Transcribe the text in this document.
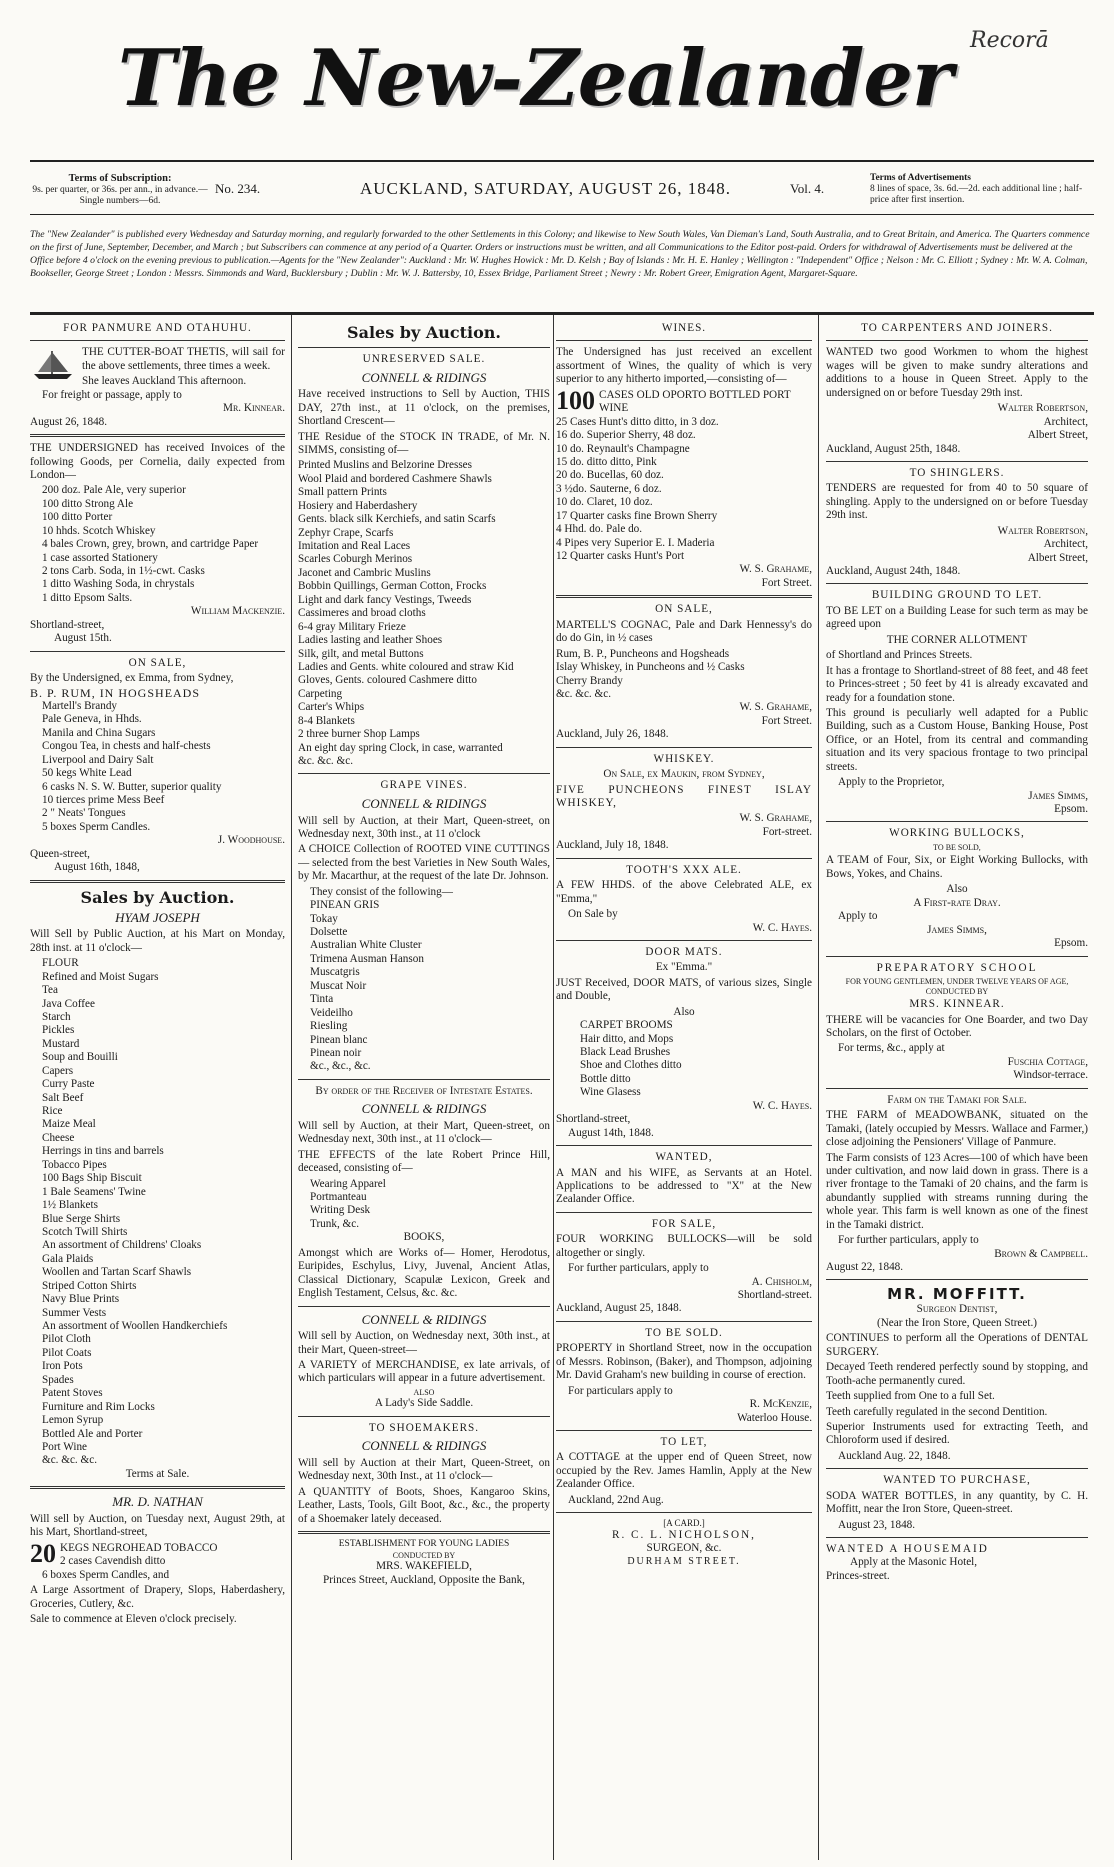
The New-Zealander Recorā
Terms of Subscription:
9s. per quarter, or 36s. per ann., in advance.—Single numbers—6d.
No. 234.	AUCKLAND, SATURDAY, AUGUST 26, 1848.	Vol. 4.
Terms of Advertisements
8 lines of space, 3s. 6d.—2d. each additional line ; half-price after first insertion.
The "New Zealander" is published every Wednesday and Saturday morning, and regularly forwarded to the other Settlements in this Colony; and likewise to New South Wales, Van Dieman's Land, South Australia, and to Great Britain, and America. The Quarters commence on the first of June, September, December, and March ; but Subscribers can commence at any period of a Quarter. Orders or instructions must be written, and all Communications to the Editor post-paid. Orders for withdrawal of Advertisements must be delivered at the Office before 4 o'clock on the evening previous to publication.—Agents for the "New Zealander": Auckland : Mr. W. Hughes Howick : Mr. D. Kelsh ; Bay of Islands : Mr. H. E. Hanley ; Wellington : "Independent" Office ; Nelson : Mr. C. Elliott ; Sydney : Mr. W. A. Colman, Bookseller, George Street ; London : Messrs. Simmonds and Ward, Bucklersbury ; Dublin : Mr. W. J. Battersby, 10, Essex Bridge, Parliament Street ; Newry : Mr. Robert Greer, Emigration Agent, Margaret-Square.
FOR PANMURE AND OTAHUHU.
THE CUTTER-BOAT THETIS, will sail for the above settlements, three times a week.
She leaves Auckland This afternoon.
For freight or passage, apply to
Mr. Kinnear.
August 26, 1848.
THE UNDERSIGNED has received Invoices of the following Goods, per Cornelia, daily expected from London—
200 doz. Pale Ale, very superior
100 ditto Strong Ale
100 ditto Porter
10 hhds. Scotch Whiskey
4 bales Crown, grey, brown, and cartridge Paper
1 case assorted Stationery
2 tons Carb. Soda, in 1½-cwt. Casks
1 ditto Washing Soda, in chrystals
1 ditto Epsom Salts.
William Mackenzie.
Shortland-street,
August 15th.
ON SALE,
By the Undersigned, ex Emma, from Sydney,
B. P. RUM, IN HOGSHEADS
Martell's Brandy
Pale Geneva, in Hhds.
Manila and China Sugars
Congou Tea, in chests and half-chests
Liverpool and Dairy Salt
50 kegs White Lead
6 casks N. S. W. Butter, superior quality
10 tierces prime Mess Beef
2 " Neats' Tongues
5 boxes Sperm Candles.
J. Woodhouse.
Queen-street,
August 16th, 1848,
Sales by Auction.
HYAM JOSEPH
Will Sell by Public Auction, at his Mart on Monday, 28th inst. at 11 o'clock—
FLOUR
Refined and Moist Sugars
Tea
Java Coffee
Starch
Pickles
Mustard
Soup and Bouilli
Capers
Curry Paste
Salt Beef
Rice
Maize Meal
Cheese
Herrings in tins and barrels
Tobacco Pipes
100 Bags Ship Biscuit
1 Bale Seamens' Twine
1½ Blankets
Blue Serge Shirts
Scotch Twill Shirts
An assortment of Childrens' Cloaks
Gala Plaids
Woollen and Tartan Scarf Shawls
Striped Cotton Shirts
Navy Blue Prints
Summer Vests
An assortment of Woollen Handkerchiefs
Pilot Cloth
Pilot Coats
Iron Pots
Spades
Patent Stoves
Furniture and Rim Locks
Lemon Syrup
Bottled Ale and Porter
Port Wine
&c. &c. &c.
Terms at Sale.
MR. D. NATHAN
Will sell by Auction, on Tuesday next, August 29th, at his Mart, Shortland-street,
20 KEGS NEGROHEAD TOBACCO
2 cases Cavendish ditto
6 boxes Sperm Candles, and
A Large Assortment of Drapery, Slops, Haberdashery, Groceries, Cutlery, &c.
Sale to commence at Eleven o'clock precisely.
Sales by Auction.
UNRESERVED SALE.
CONNELL & RIDINGS
Have received instructions to Sell by Auction, THIS DAY, 27th inst., at 11 o'clock, on the premises, Shortland Crescent—
THE Residue of the STOCK IN TRADE, of Mr. N. SIMMS, consisting of—
Printed Muslins and Belzorine Dresses
Wool Plaid and bordered Cashmere Shawls
Small pattern Prints
Hosiery and Haberdashery
Gents. black silk Kerchiefs, and satin Scarfs
Zephyr Crape, Scarfs
Imitation and Real Laces
Scarles Coburgh Merinos
Jaconet and Cambric Muslins
Bobbin Quillings, German Cotton, Frocks
Light and dark fancy Vestings, Tweeds
Cassimeres and broad cloths
6-4 gray Military Frieze
Ladies lasting and leather Shoes
Silk, gilt, and metal Buttons
Ladies and Gents. white coloured and straw Kid Gloves, Gents. coloured Cashmere ditto
Carpeting
Carter's Whips
8-4 Blankets
2 three burner Shop Lamps
An eight day spring Clock, in case, warranted
&c. &c. &c.
GRAPE VINES.
CONNELL & RIDINGS
Will sell by Auction, at their Mart, Queen-street, on Wednesday next, 30th inst., at 11 o'clock
A CHOICE Collection of ROOTED VINE CUTTINGS — selected from the best Varieties in New South Wales, by Mr. Macarthur, at the request of the late Dr. Johnson.
They consist of the following—
PINEAN GRIS
Tokay
Dolsette
Australian White Cluster
Trimena Ausman Hanson
Muscatgris
Muscat Noir
Tinta
Veideilho
Riesling
Pinean blanc
Pinean noir
&c., &c., &c.
By order of the Receiver of Intestate Estates.
CONNELL & RIDINGS
Will sell by Auction, at their Mart, Queen-street, on Wednesday next, 30th inst., at 11 o'clock—
THE EFFECTS of the late Robert Prince Hill, deceased, consisting of—
Wearing Apparel
Portmanteau
Writing Desk
Trunk, &c.
BOOKS,
Amongst which are Works of— Homer, Herodotus, Euripides, Eschylus, Livy, Juvenal, Ancient Atlas, Classical Dictionary, Scapulæ Lexicon, Greek and English Testament, Celsus, &c. &c.
CONNELL & RIDINGS
Will sell by Auction, on Wednesday next, 30th inst., at their Mart, Queen-street—
A VARIETY of MERCHANDISE, ex late arrivals, of which particulars will appear in a future advertisement.
ALSO
A Lady's Side Saddle.
TO SHOEMAKERS.
CONNELL & RIDINGS
Will sell by Auction at their Mart, Queen-Street, on Wednesday next, 30th Inst., at 11 o'clock—
A QUANTITY of Boots, Shoes, Kangaroo Skins, Leather, Lasts, Tools, Gilt Boot, &c., &c., the property of a Shoemaker lately deceased.
ESTABLISHMENT FOR YOUNG LADIES
CONDUCTED BY
MRS. WAKEFIELD,
Princes Street, Auckland, Opposite the Bank,
WINES.
The Undersigned has just received an excellent assortment of Wines, the quality of which is very superior to any hitherto imported,—consisting of—
100 CASES OLD OPORTO BOTTLED PORT WINE
25 Cases Hunt's ditto ditto, in 3 doz.
16 do. Superior Sherry, 48 doz.
10 do. Reynault's Champagne
15 do. ditto ditto, Pink
20 do. Bucellas, 60 doz.
3 ½do. Sauterne, 6 doz.
10 do. Claret, 10 doz.
17 Quarter casks fine Brown Sherry
4 Hhd. do. Pale do.
4 Pipes very Superior E. I. Maderia
12 Quarter casks Hunt's Port
W. S. Grahame,
Fort Street.
ON SALE,
MARTELL'S COGNAC, Pale and Dark Hennessy's do do do Gin, in ½ cases
Rum, B. P., Puncheons and Hogsheads
Islay Whiskey, in Puncheons and ½ Casks
Cherry Brandy
&c. &c. &c.
W. S. Grahame,
Fort Street.
Auckland, July 26, 1848.
WHISKEY.
On Sale, ex Maukin, from Sydney,
FIVE PUNCHEONS FINEST ISLAY WHISKEY,
W. S. Grahame,
Fort-street.
Auckland, July 18, 1848.
TOOTH'S XXX ALE.
A FEW HHDS. of the above Celebrated ALE, ex "Emma,"
On Sale by
W. C. Hayes.
DOOR MATS.
Ex "Emma."
JUST Received, DOOR MATS, of various sizes, Single and Double,
Also
CARPET BROOMS
Hair ditto, and Mops
Black Lead Brushes
Shoe and Clothes ditto
Bottle ditto
Wine Glasess
W. C. Hayes.
Shortland-street,
August 14th, 1848.
WANTED,
A MAN and his WIFE, as Servants at an Hotel. Applications to be addressed to "X" at the New Zealander Office.
FOR SALE,
FOUR WORKING BULLOCKS—will be sold altogether or singly.
For further particulars, apply to
A. Chisholm,
Shortland-street.
Auckland, August 25, 1848.
TO BE SOLD.
PROPERTY in Shortland Street, now in the occupation of Messrs. Robinson, (Baker), and Thompson, adjoining Mr. David Graham's new building in course of erection.
For particulars apply to
R. McKenzie,
Waterloo House.
TO LET,
A COTTAGE at the upper end of Queen Street, now occupied by the Rev. James Hamlin, Apply at the New Zealander Office.
Auckland, 22nd Aug.
[A CARD.]
R. C. L. NICHOLSON,
SURGEON, &c.
DURHAM STREET.
TO CARPENTERS AND JOINERS.
WANTED two good Workmen to whom the highest wages will be given to make sundry alterations and additions to a house in Queen Street. Apply to the undersigned on or before Tuesday 29th inst.
Walter Robertson,
Architect,
Albert Street,
Auckland, August 25th, 1848.
TO SHINGLERS.
TENDERS are requested for from 40 to 50 square of shingling. Apply to the undersigned on or before Tuesday 29th inst.
Walter Robertson,
Architect,
Albert Street,
Auckland, August 24th, 1848.
BUILDING GROUND TO LET.
TO BE LET on a Building Lease for such term as may be agreed upon
THE CORNER ALLOTMENT
of Shortland and Princes Streets.
It has a frontage to Shortland-street of 88 feet, and 48 feet to Princes-street ; 50 feet by 41 is already excavated and ready for a foundation stone.
This ground is peculiarly well adapted for a Public Building, such as a Custom House, Banking House, Post Office, or an Hotel, from its central and commanding situation and its very spacious frontage to two principal streets.
Apply to the Proprietor,
James Simms,
Epsom.
WORKING BULLOCKS,
TO BE SOLD,
A TEAM of Four, Six, or Eight Working Bullocks, with Bows, Yokes, and Chains.
Also
A First-rate Dray.
Apply to
James Simms,
Epsom.
PREPARATORY SCHOOL
FOR YOUNG GENTLEMEN, UNDER TWELVE YEARS OF AGE, CONDUCTED BY
MRS. KINNEAR.
THERE will be vacancies for One Boarder, and two Day Scholars, on the first of October.
For terms, &c., apply at
Fuschia Cottage,
Windsor-terrace.
Farm on the Tamaki for Sale.
THE FARM of MEADOWBANK, situated on the Tamaki, (lately occupied by Messrs. Wallace and Farmer,) close adjoining the Pensioners' Village of Panmure.
The Farm consists of 123 Acres—100 of which have been under cultivation, and now laid down in grass. There is a river frontage to the Tamaki of 20 chains, and the farm is abundantly supplied with streams running during the whole year. This farm is well known as one of the finest in the Tamaki district.
For further particulars, apply to
Brown & Campbell.
August 22, 1848.
MR. MOFFITT.
Surgeon Dentist,
(Near the Iron Store, Queen Street.)
CONTINUES to perform all the Operations of DENTAL SURGERY.
Decayed Teeth rendered perfectly sound by stopping, and Tooth-ache permanently cured.
Teeth supplied from One to a full Set.
Teeth carefully regulated in the second Dentition.
Superior Instruments used for extracting Teeth, and Chloroform used if desired.
Auckland Aug. 22, 1848.
WANTED TO PURCHASE,
SODA WATER BOTTLES, in any quantity, by C. H. Moffitt, near the Iron Store, Queen-street.
August 23, 1848.
WANTED A HOUSEMAID
Apply at the Masonic Hotel,
Princes-street.
